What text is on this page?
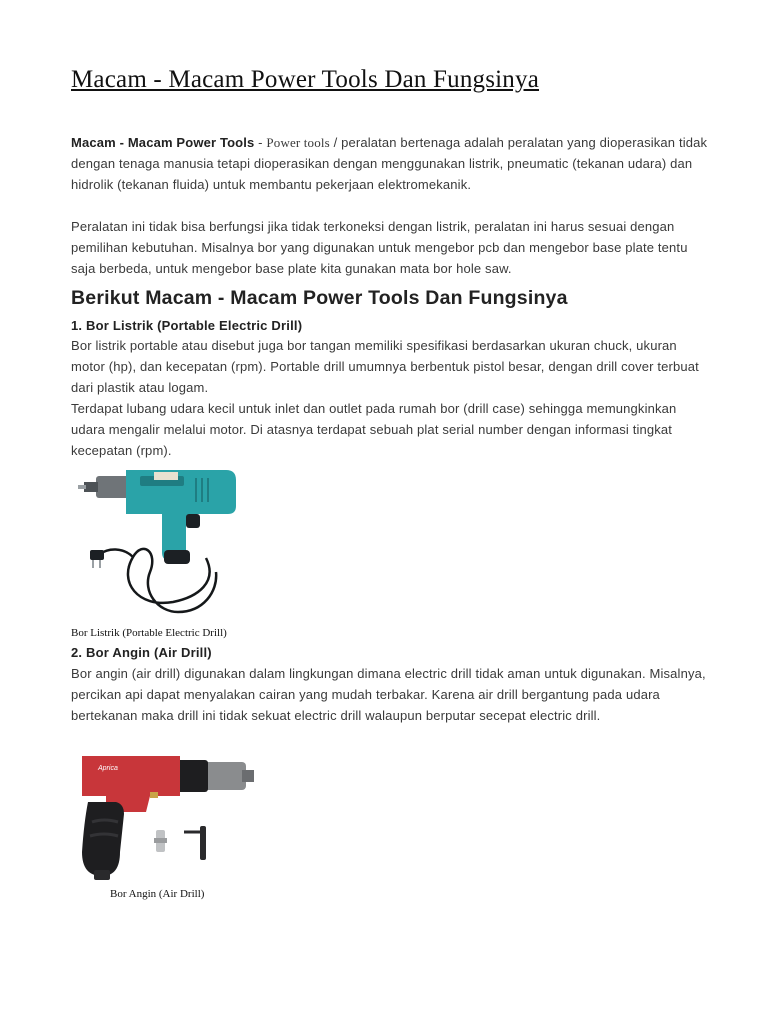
Macam - Macam Power Tools Dan Fungsinya

Macam - Macam Power Tools - Power tools / peralatan bertenaga adalah peralatan yang dioperasikan tidak dengan tenaga manusia tetapi dioperasikan dengan menggunakan listrik, pneumatic (tekanan udara) dan hidrolik (tekanan fluida) untuk membantu pekerjaan elektromekanik.

Peralatan ini tidak bisa berfungsi jika tidak terkoneksi dengan listrik, peralatan ini harus sesuai dengan pemilihan kebutuhan. Misalnya bor yang digunakan untuk mengebor pcb dan mengebor base plate tentu saja berbeda, untuk mengebor base plate kita gunakan mata bor hole saw.

Berikut Macam - Macam Power Tools Dan Fungsinya
1. Bor Listrik (Portable Electric Drill)

Bor listrik portable atau disebut juga bor tangan memiliki spesifikasi berdasarkan ukuran chuck, ukuran motor (hp), dan kecepatan (rpm). Portable drill umumnya berbentuk pistol besar, dengan drill cover terbuat dari plastik atau logam.

Terdapat lubang udara kecil untuk inlet dan outlet pada rumah bor (drill case) sehingga memungkinkan udara mengalir melalui motor. Di atasnya terdapat sebuah plat serial number dengan informasi tingkat kecepatan (rpm).

Bor Listrik (Portable Electric Drill)

2. Bor Angin (Air Drill)

Bor angin (air drill) digunakan dalam lingkungan dimana electric drill tidak aman untuk digunakan. Misalnya, percikan api dapat menyalakan cairan yang mudah terbakar. Karena air drill bergantung pada udara bertekanan maka drill ini tidak sekuat electric drill walaupun berputar secepat electric drill.

Aprica

Bor Angin (Air Drill)
